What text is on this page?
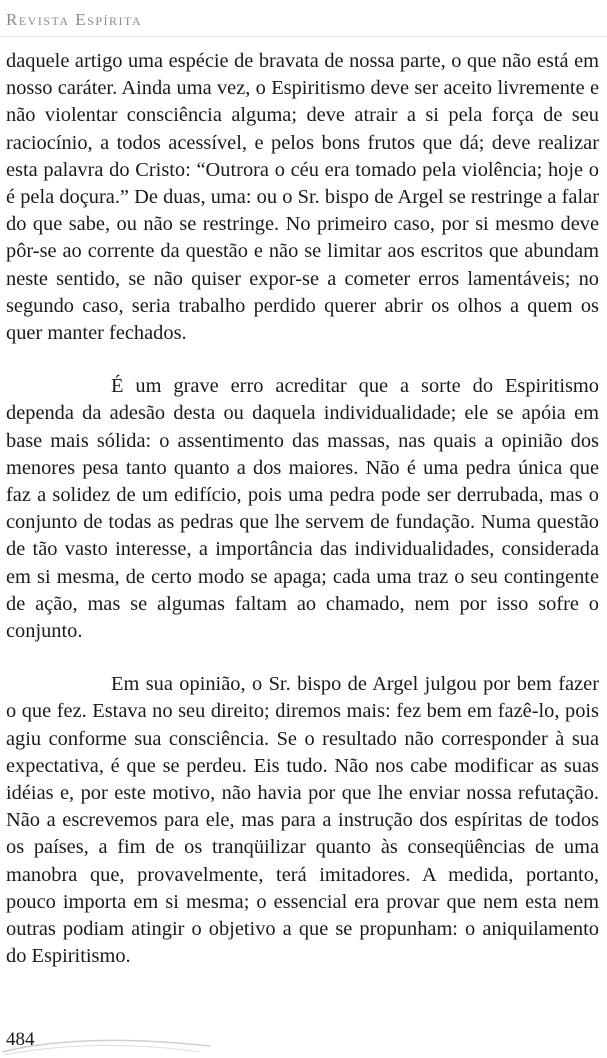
Revista Espírita

daquele artigo uma espécie de bravata de nossa parte, o que não está em nosso caráter. Ainda uma vez, o Espiritismo deve ser aceito livremente e não violentar consciência alguma; deve atrair a si pela força de seu raciocínio, a todos acessível, e pelos bons frutos que dá; deve realizar esta palavra do Cristo: “Outrora o céu era tomado pela violência; hoje o é pela doçura.” De duas, uma: ou o Sr. bispo de Argel se restringe a falar do que sabe, ou não se restringe. No primeiro caso, por si mesmo deve pôr-se ao corrente da questão e não se limitar aos escritos que abundam neste sentido, se não quiser expor-se a cometer erros lamentáveis; no segundo caso, seria trabalho perdido querer abrir os olhos a quem os quer manter fechados.

É um grave erro acreditar que a sorte do Espiritismo dependa da adesão desta ou daquela individualidade; ele se apóia em base mais sólida: o assentimento das massas, nas quais a opinião dos menores pesa tanto quanto a dos maiores. Não é uma pedra única que faz a solidez de um edifício, pois uma pedra pode ser derrubada, mas o conjunto de todas as pedras que lhe servem de fundação. Numa questão de tão vasto interesse, a importância das individualidades, considerada em si mesma, de certo modo se apaga; cada uma traz o seu contingente de ação, mas se algumas faltam ao chamado, nem por isso sofre o conjunto.

Em sua opinião, o Sr. bispo de Argel julgou por bem fazer o que fez. Estava no seu direito; diremos mais: fez bem em fazê-lo, pois agiu conforme sua consciência. Se o resultado não corresponder à sua expectativa, é que se perdeu. Eis tudo. Não nos cabe modificar as suas idéias e, por este motivo, não havia por que lhe enviar nossa refutação. Não a escrevemos para ele, mas para a instrução dos espíritas de todos os países, a fim de os tranqüilizar quanto às conseqüências de uma manobra que, provavelmente, terá imitadores. A medida, portanto, pouco importa em si mesma; o essencial era provar que nem esta nem outras podiam atingir o objetivo a que se propunham: o aniquilamento do Espiritismo.

484
